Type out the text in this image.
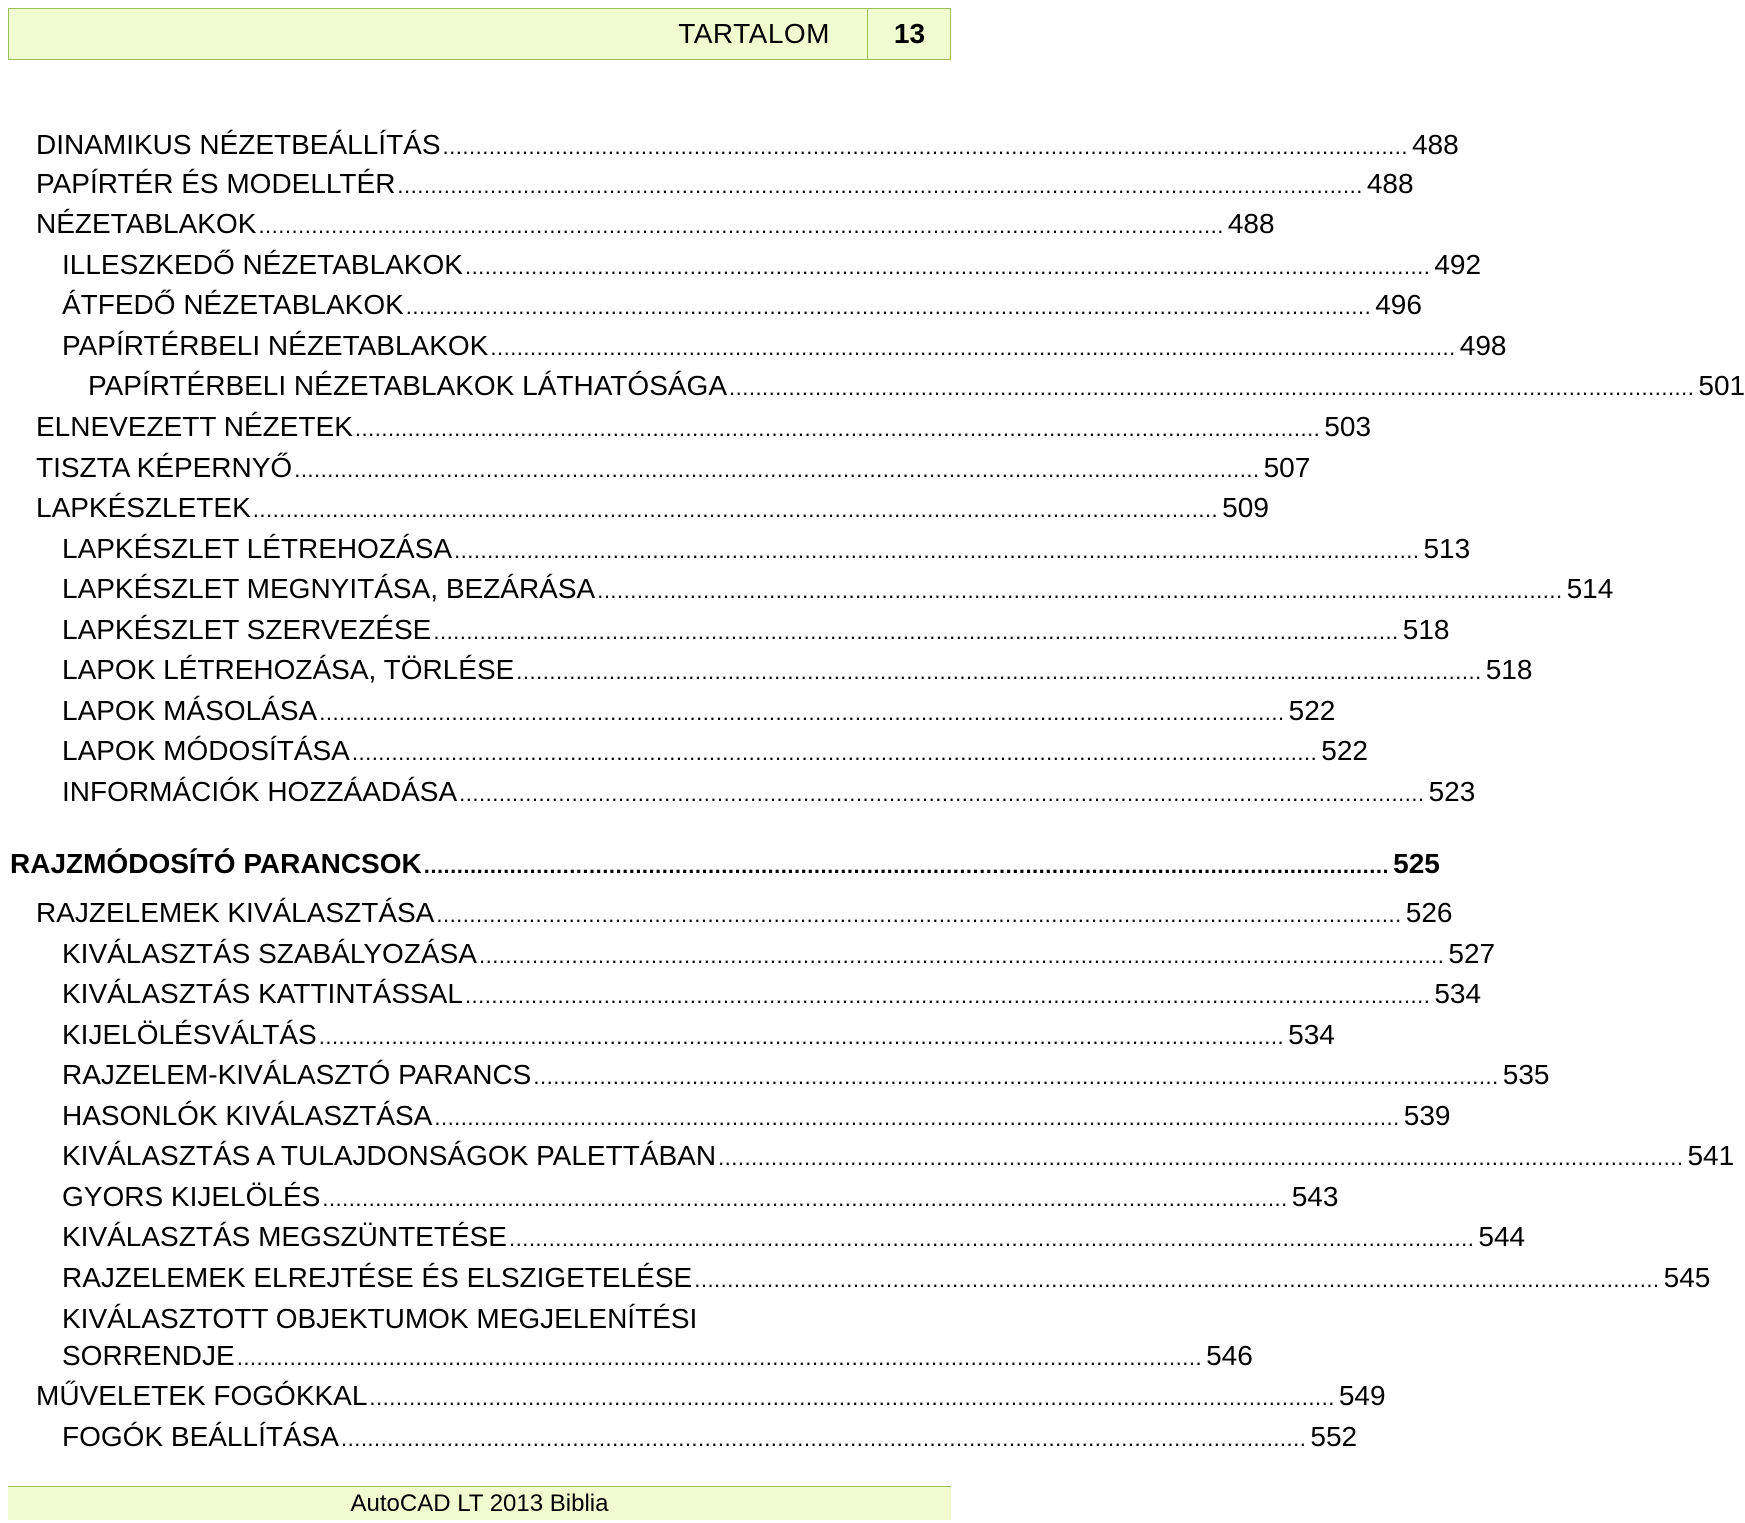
TARTALOM	13
DINAMIKUS NÉZETBEÁLLÍTÁS .................................................................................................................................................. 488
PAPÍRTÉR ÉS MODELLTÉR .................................................................................................................................................. 488
NÉZETABLAKOK .................................................................................................................................................. 488
ILLESZKEDŐ NÉZETABLAKOK .................................................................................................................................................. 492
ÁTFEDŐ NÉZETABLAKOK .................................................................................................................................................. 496
PAPÍRTÉRBELI NÉZETABLAKOK .................................................................................................................................................. 498
PAPÍRTÉRBELI NÉZETABLAKOK LÁTHATÓSÁGA .................................................................................................................................................. 501
ELNEVEZETT NÉZETEK .................................................................................................................................................. 503
TISZTA KÉPERNYŐ .................................................................................................................................................. 507
LAPKÉSZLETEK .................................................................................................................................................. 509
LAPKÉSZLET LÉTREHOZÁSA .................................................................................................................................................. 513
LAPKÉSZLET MEGNYITÁSA, BEZÁRÁSA .................................................................................................................................................. 514
LAPKÉSZLET SZERVEZÉSE .................................................................................................................................................. 518
LAPOK LÉTREHOZÁSA, TÖRLÉSE .................................................................................................................................................. 518
LAPOK MÁSOLÁSA .................................................................................................................................................. 522
LAPOK MÓDOSÍTÁSA .................................................................................................................................................. 522
INFORMÁCIÓK HOZZÁADÁSA .................................................................................................................................................. 523
RAJZMÓDOSÍTÓ PARANCSOK .................................................................................................................................................. 525
RAJZELEMEK KIVÁLASZTÁSA .................................................................................................................................................. 526
KIVÁLASZTÁS SZABÁLYOZÁSA .................................................................................................................................................. 527
KIVÁLASZTÁS KATTINTÁSSAL .................................................................................................................................................. 534
KIJELÖLÉSVÁLTÁS .................................................................................................................................................. 534
RAJZELEM-KIVÁLASZTÓ PARANCS .................................................................................................................................................. 535
HASONLÓK KIVÁLASZTÁSA .................................................................................................................................................. 539
KIVÁLASZTÁS A TULAJDONSÁGOK PALETTÁBAN .................................................................................................................................................. 541
GYORS KIJELÖLÉS .................................................................................................................................................. 543
KIVÁLASZTÁS MEGSZÜNTETÉSE .................................................................................................................................................. 544
RAJZELEMEK ELREJTÉSE ÉS ELSZIGETELÉSE .................................................................................................................................................. 545
KIVÁLASZTOTT OBJEKTUMOK MEGJELENÍTÉSI
SORRENDJE .................................................................................................................................................. 546
MŰVELETEK FOGÓKKAL .................................................................................................................................................. 549
FOGÓK BEÁLLÍTÁSA .................................................................................................................................................. 552
AutoCAD LT 2013 Biblia
